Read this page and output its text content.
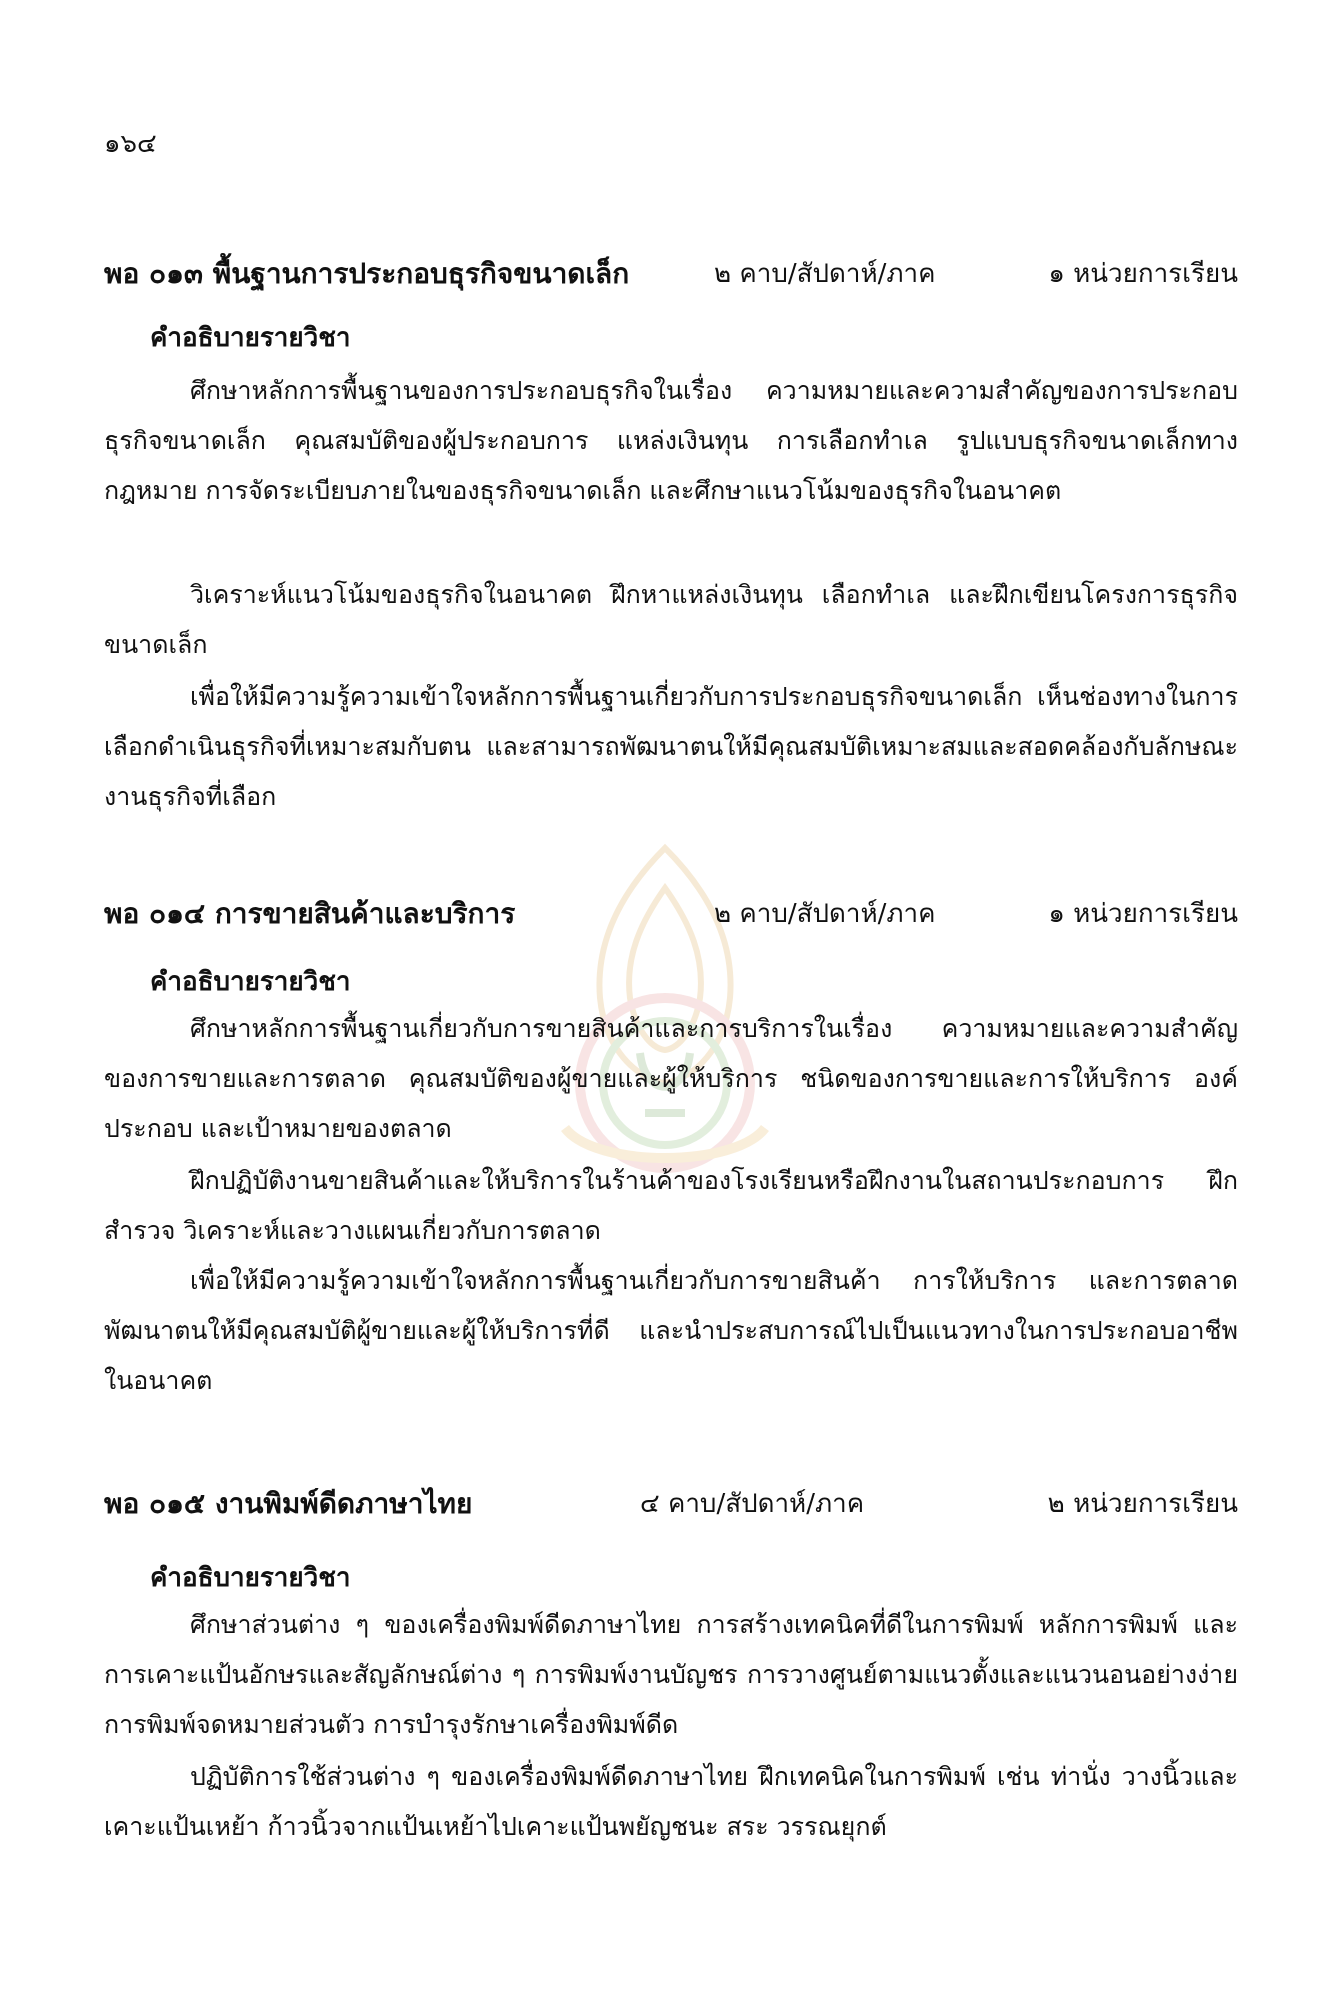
๑๖๔
พอ ๐๑๓ พื้นฐานการประกอบธุรกิจขนาดเล็ก	๒ คาบ/สัปดาห์/ภาค	๑ หน่วยการเรียน
คำอธิบายรายวิชา
ศึกษาหลักการพื้นฐานของการประกอบธุรกิจในเรื่อง ความหมายและความสำคัญของการประกอบธุรกิจขนาดเล็ก คุณสมบัติของผู้ประกอบการ แหล่งเงินทุน การเลือกทำเล รูปแบบธุรกิจขนาดเล็กทางกฎหมาย การจัดระเบียบภายในของธุรกิจขนาดเล็ก และศึกษาแนวโน้มของธุรกิจในอนาคต
วิเคราะห์แนวโน้มของธุรกิจในอนาคต ฝึกหาแหล่งเงินทุน เลือกทำเล และฝึกเขียนโครงการธุรกิจขนาดเล็ก
เพื่อให้มีความรู้ความเข้าใจหลักการพื้นฐานเกี่ยวกับการประกอบธุรกิจขนาดเล็ก เห็นช่องทางในการเลือกดำเนินธุรกิจที่เหมาะสมกับตน และสามารถพัฒนาตนให้มีคุณสมบัติเหมาะสมและสอดคล้องกับลักษณะงานธุรกิจที่เลือก
พอ ๐๑๔ การขายสินค้าและบริการ	๒ คาบ/สัปดาห์/ภาค	๑ หน่วยการเรียน
คำอธิบายรายวิชา
ศึกษาหลักการพื้นฐานเกี่ยวกับการขายสินค้าและการบริการในเรื่อง ความหมายและความสำคัญของการขายและการตลาด คุณสมบัติของผู้ขายและผู้ให้บริการ ชนิดของการขายและการให้บริการ องค์ประกอบ และเป้าหมายของตลาด
ฝึกปฏิบัติงานขายสินค้าและให้บริการในร้านค้าของโรงเรียนหรือฝึกงานในสถานประกอบการ ฝึกสำรวจ วิเคราะห์และวางแผนเกี่ยวกับการตลาด
เพื่อให้มีความรู้ความเข้าใจหลักการพื้นฐานเกี่ยวกับการขายสินค้า การให้บริการ และการตลาด พัฒนาตนให้มีคุณสมบัติผู้ขายและผู้ให้บริการที่ดี และนำประสบการณ์ไปเป็นแนวทางในการประกอบอาชีพในอนาคต
พอ ๐๑๕ งานพิมพ์ดีดภาษาไทย	๔ คาบ/สัปดาห์/ภาค	๒ หน่วยการเรียน
คำอธิบายรายวิชา
ศึกษาส่วนต่าง ๆ ของเครื่องพิมพ์ดีดภาษาไทย การสร้างเทคนิคที่ดีในการพิมพ์ หลักการพิมพ์ และการเคาะแป้นอักษรและสัญลักษณ์ต่าง ๆ การพิมพ์งานบัญชร การวางศูนย์ตามแนวตั้งและแนวนอนอย่างง่าย การพิมพ์จดหมายส่วนตัว การบำรุงรักษาเครื่องพิมพ์ดีด
ปฏิบัติการใช้ส่วนต่าง ๆ ของเครื่องพิมพ์ดีดภาษาไทย ฝึกเทคนิคในการพิมพ์ เช่น ท่านั่ง วางนิ้วและเคาะแป้นเหย้า ก้าวนิ้วจากแป้นเหย้าไปเคาะแป้นพยัญชนะ สระ วรรณยุกต์
